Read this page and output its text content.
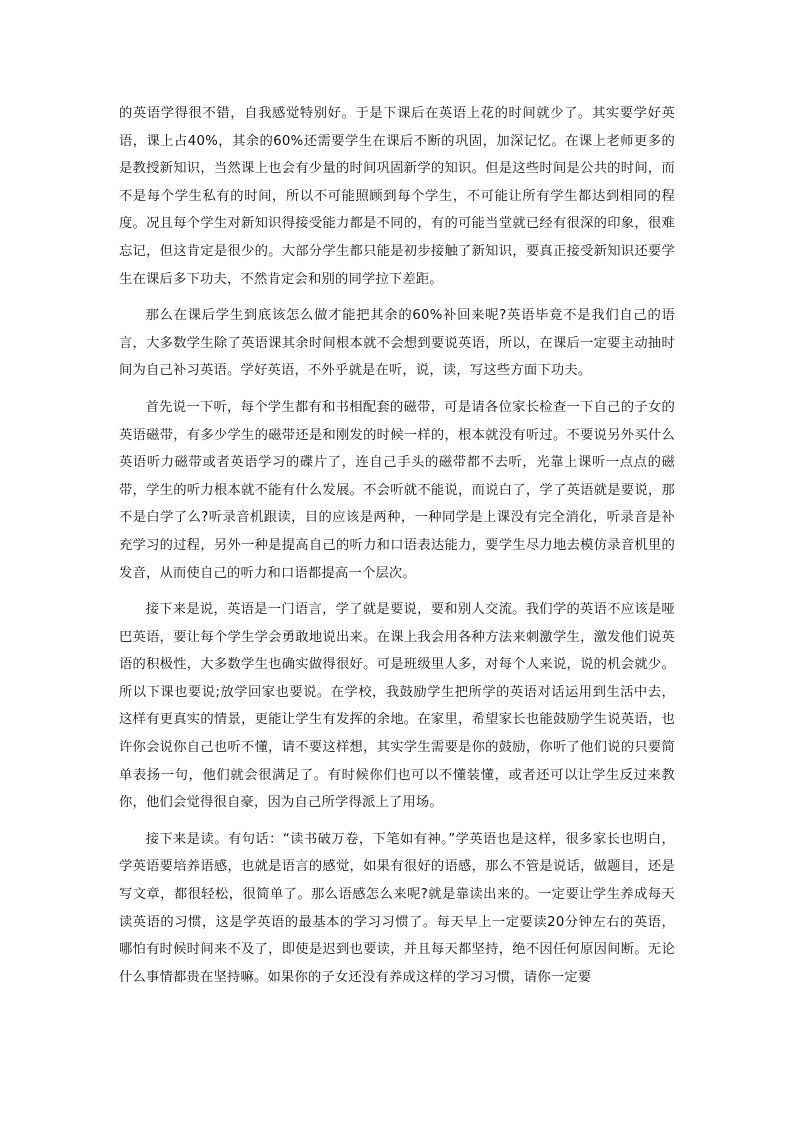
的英语学得很不错，自我感觉特别好。于是下课后在英语上花的时间就少了。其实要学好英语，课上占40%，其余的60%还需要学生在课后不断的巩固，加深记忆。在课上老师更多的是教授新知识，当然课上也会有少量的时间巩固新学的知识。但是这些时间是公共的时间，而不是每个学生私有的时间，所以不可能照顾到每个学生，不可能让所有学生都达到相同的程度。况且每个学生对新知识得接受能力都是不同的，有的可能当堂就已经有很深的印象，很难忘记，但这肯定是很少的。大部分学生都只能是初步接触了新知识，要真正接受新知识还要学生在课后多下功夫，不然肯定会和别的同学拉下差距。

那么在课后学生到底该怎么做才能把其余的60%补回来呢?英语毕竟不是我们自己的语言，大多数学生除了英语课其余时间根本就不会想到要说英语，所以，在课后一定要主动抽时间为自己补习英语。学好英语，不外乎就是在听，说，读，写这些方面下功夫。

首先说一下听，每个学生都有和书相配套的磁带，可是请各位家长检查一下自己的子女的英语磁带，有多少学生的磁带还是和刚发的时候一样的，根本就没有听过。不要说另外买什么英语听力磁带或者英语学习的碟片了，连自己手头的磁带都不去听，光靠上课听一点点的磁带，学生的听力根本就不能有什么发展。不会听就不能说，而说白了，学了英语就是要说，那不是白学了么?听录音机跟读，目的应该是两种，一种同学是上课没有完全消化，听录音是补充学习的过程，另外一种是提高自己的听力和口语表达能力，要学生尽力地去模仿录音机里的发音，从而使自己的听力和口语都提高一个层次。

接下来是说，英语是一门语言，学了就是要说，要和别人交流。我们学的英语不应该是哑巴英语，要让每个学生学会勇敢地说出来。在课上我会用各种方法来刺激学生，激发他们说英语的积极性，大多数学生也确实做得很好。可是班级里人多，对每个人来说，说的机会就少。所以下课也要说;放学回家也要说。在学校，我鼓励学生把所学的英语对话运用到生活中去，这样有更真实的情景，更能让学生有发挥的余地。在家里，希望家长也能鼓励学生说英语，也许你会说你自己也听不懂，请不要这样想，其实学生需要是你的鼓励，你听了他们说的只要简单表扬一句，他们就会很满足了。有时候你们也可以不懂装懂，或者还可以让学生反过来教你，他们会觉得很自豪，因为自己所学得派上了用场。

接下来是读。有句话：“读书破万卷，下笔如有神。”学英语也是这样，很多家长也明白，学英语要培养语感，也就是语言的感觉，如果有很好的语感，那么不管是说话，做题目，还是写文章，都很轻松，很简单了。那么语感怎么来呢?就是靠读出来的。一定要让学生养成每天读英语的习惯，这是学英语的最基本的学习习惯了。每天早上一定要读20分钟左右的英语，哪怕有时候时间来不及了，即使是迟到也要读，并且每天都坚持，绝不因任何原因间断。无论什么事情都贵在坚持嘛。如果你的子女还没有养成这样的学习习惯，请你一定要
